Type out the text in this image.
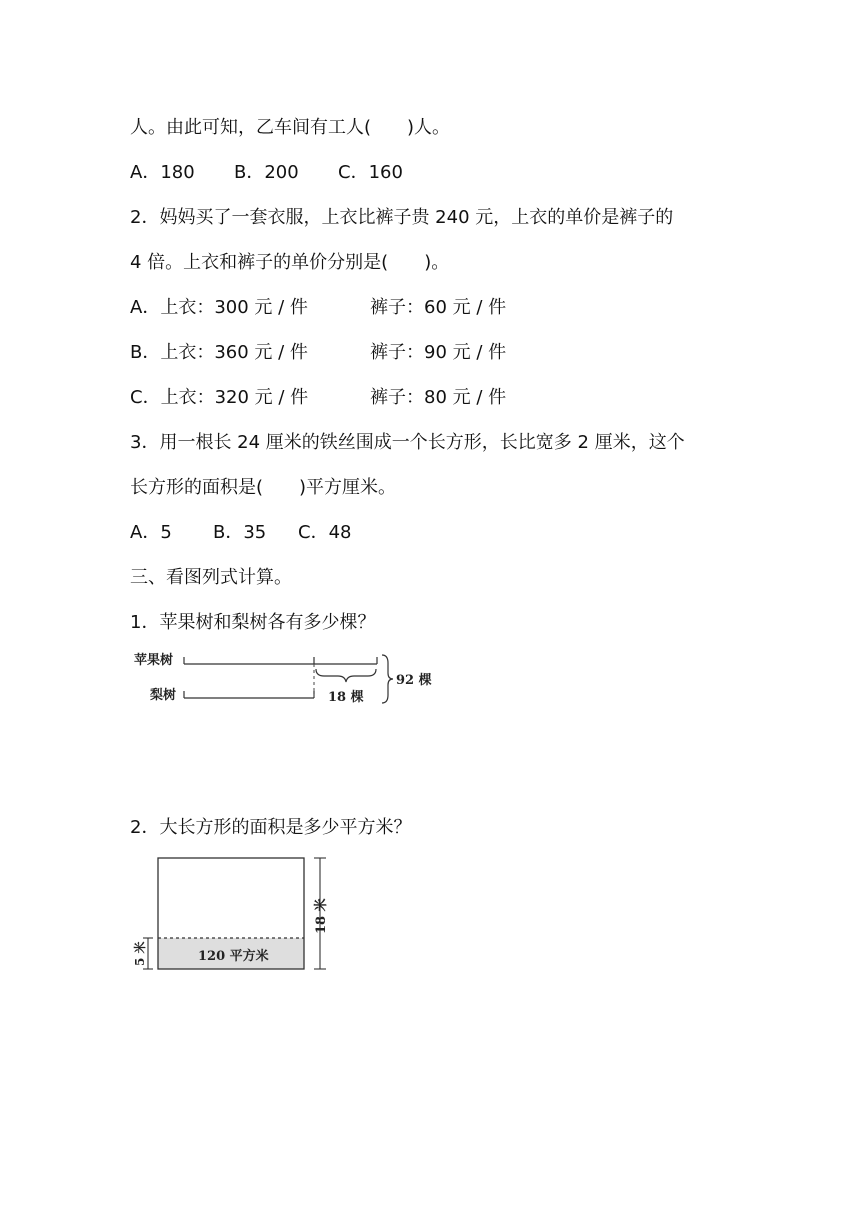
人。由此可知，乙车间有工人(　　)人。
A．180 B．200 C．160
2．妈妈买了一套衣服，上衣比裤子贵 240 元，上衣的单价是裤子的
4 倍。上衣和裤子的单价分别是(　　)。
A．上衣：300 元 / 件	裤子：60 元 / 件
B．上衣：360 元 / 件	裤子：90 元 / 件
C．上衣：320 元 / 件	裤子：80 元 / 件
3．用一根长 24 厘米的铁丝围成一个长方形，长比宽多 2 厘米，这个
长方形的面积是(　　)平方厘米。
A．5 B．35 C．48
三、看图列式计算。
1．苹果树和梨树各有多少棵？
苹果树
梨树	18 棵
92 棵
2．大长方形的面积是多少平方米？
120 平方米
5 米
18 米
